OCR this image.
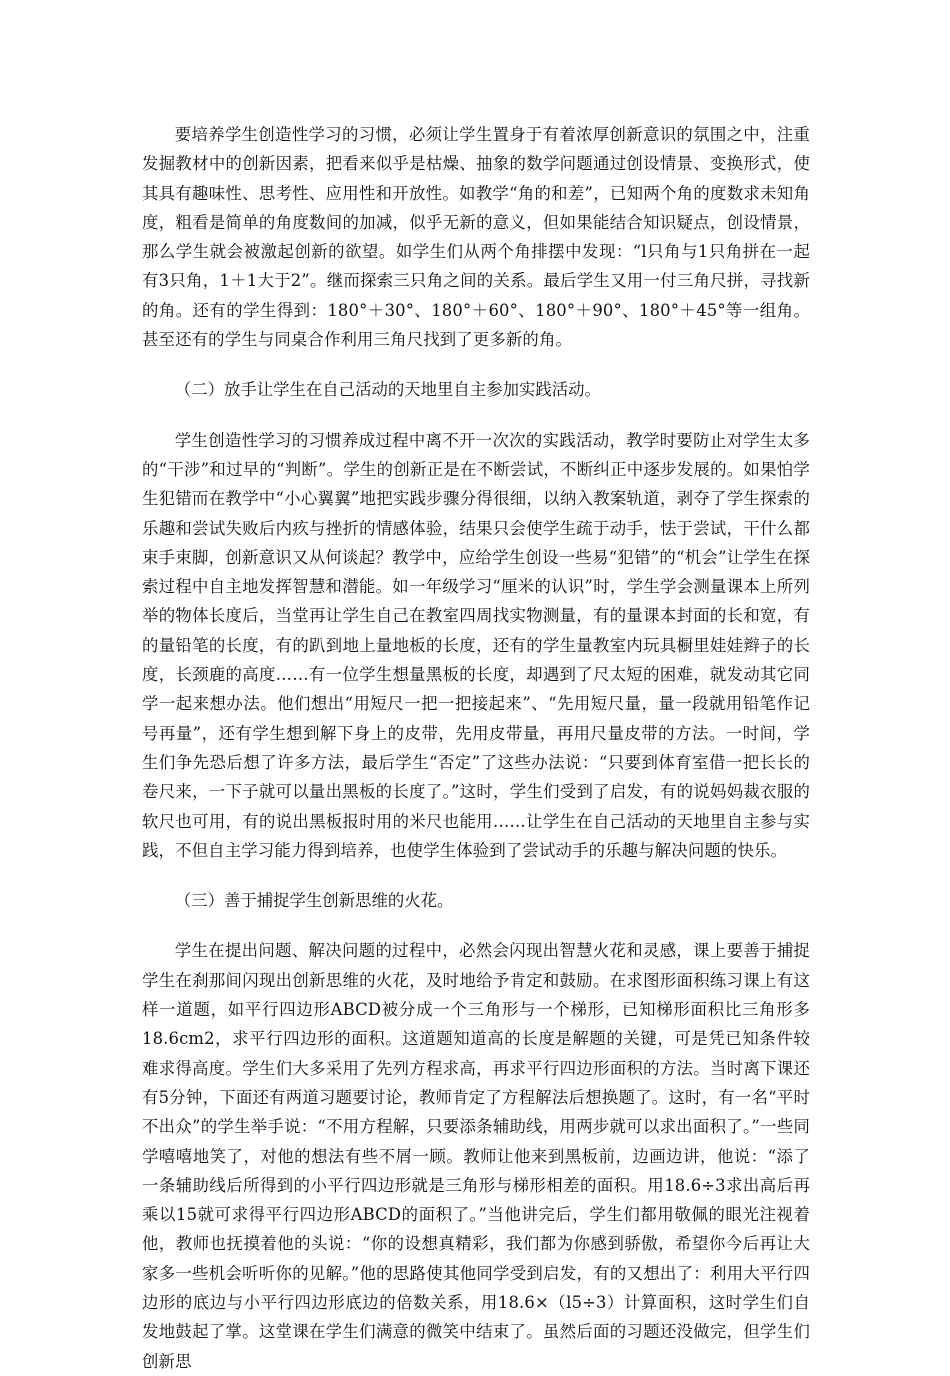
要培养学生创造性学习的习惯，必须让学生置身于有着浓厚创新意识的氛围之中，注重发掘教材中的创新因素，把看来似乎是枯燥、抽象的数学问题通过创设情景、变换形式，使其具有趣味性、思考性、应用性和开放性。如教学“角的和差”，已知两个角的度数求未知角度，粗看是简单的角度数间的加减，似乎无新的意义，但如果能结合知识疑点，创设情景，那么学生就会被激起创新的欲望。如学生们从两个角排摆中发现：“l只角与1只角拼在一起有3只角，1＋1大于2”。继而探索三只角之间的关系。最后学生又用一付三角尺拼，寻找新的角。还有的学生得到：180°＋30°、180°＋60°、180°＋90°、180°＋45°等一组角。甚至还有的学生与同桌合作利用三角尺找到了更多新的角。

（二）放手让学生在自己活动的天地里自主参加实践活动。

学生创造性学习的习惯养成过程中离不开一次次的实践活动，教学时要防止对学生太多的“干涉”和过早的“判断”。学生的创新正是在不断尝试，不断纠正中逐步发展的。如果怕学生犯错而在教学中“小心翼翼”地把实践步骤分得很细，以纳入教案轨道，剥夺了学生探索的乐趣和尝试失败后内疚与挫折的情感体验，结果只会使学生疏于动手，怯于尝试，干什么都束手束脚，创新意识又从何谈起？教学中，应给学生创设一些易“犯错”的“机会”让学生在探索过程中自主地发挥智慧和潜能。如一年级学习“厘米的认识”时，学生学会测量课本上所列举的物体长度后，当堂再让学生自己在教室四周找实物测量，有的量课本封面的长和宽，有的量铅笔的长度，有的趴到地上量地板的长度，还有的学生量教室内玩具橱里娃娃辫子的长度，长颈鹿的高度……有一位学生想量黑板的长度，却遇到了尺太短的困难，就发动其它同学一起来想办法。他们想出“用短尺一把一把接起来”、“先用短尺量，量一段就用铅笔作记号再量”，还有学生想到解下身上的皮带，先用皮带量，再用尺量皮带的方法。一时间，学生们争先恐后想了许多方法，最后学生“否定”了这些办法说：“只要到体育室借一把长长的卷尺来，一下子就可以量出黑板的长度了。”这时，学生们受到了启发，有的说妈妈裁衣服的软尺也可用，有的说出黑板报时用的米尺也能用……让学生在自己活动的天地里自主参与实践，不但自主学习能力得到培养，也使学生体验到了尝试动手的乐趣与解决问题的快乐。

（三）善于捕捉学生创新思维的火花。

学生在提出问题、解决问题的过程中，必然会闪现出智慧火花和灵感，课上要善于捕捉学生在刹那间闪现出创新思维的火花，及时地给予肯定和鼓励。在求图形面积练习课上有这样一道题，如平行四边形ABCD被分成一个三角形与一个梯形，已知梯形面积比三角形多18.6cm2，求平行四边形的面积。这道题知道高的长度是解题的关键，可是凭已知条件较难求得高度。学生们大多采用了先列方程求高，再求平行四边形面积的方法。当时离下课还有5分钟，下面还有两道习题要讨论，教师肯定了方程解法后想换题了。这时，有一名“平时不出众”的学生举手说：“不用方程解，只要添条辅助线，用两步就可以求出面积了。”一些同学嘻嘻地笑了，对他的想法有些不屑一顾。教师让他来到黑板前，边画边讲，他说：“添了一条辅助线后所得到的小平行四边形就是三角形与梯形相差的面积。用18.6÷3求出高后再乘以15就可求得平行四边形ABCD的面积了。”当他讲完后，学生们都用敬佩的眼光注视着他，教师也抚摸着他的头说：“你的设想真精彩，我们都为你感到骄傲，希望你今后再让大家多一些机会听听你的见解。”他的思路使其他同学受到启发，有的又想出了：利用大平行四边形的底边与小平行四边形底边的倍数关系，用18.6×（l5÷3）计算面积，这时学生们自发地鼓起了掌。这堂课在学生们满意的微笑中结束了。虽然后面的习题还没做完，但学生们创新思
